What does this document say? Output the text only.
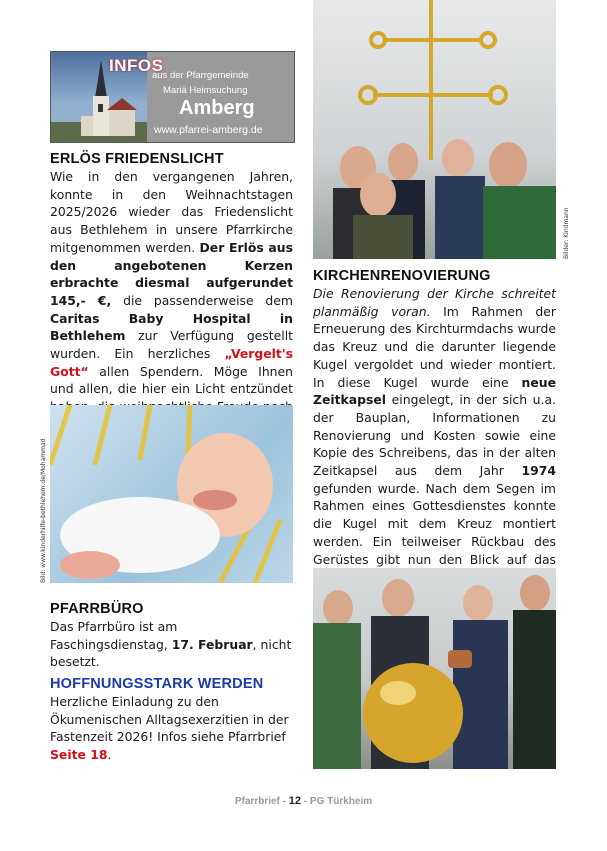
INFOS
aus der Pfarrgemeinde
Mariä Heimsuchung
Amberg
www.pfarrei-amberg.de
ERLÖS FRIEDENSLICHT

Wie in den vergangenen Jahren, konnte in den Weihnachtstagen 2025/2026 wieder das Friedenslicht aus Bethlehem in unsere Pfarrkirche mitgenommen werden. Der Erlös aus den angebotenen Kerzen erbrachte diesmal aufgerundet 145,- €, die passenderweise dem Caritas Baby Hospital in Bethlehem zur Verfügung gestellt wurden. Ein herzliches „Vergelt's Gott“ allen Spendern. Möge Ihnen und allen, die hier ein Licht entzündet

Bild: www.kinderhilfe-bethlehem.de/Mohammad
PFARRBÜRO

Das Pfarrbüro ist am Faschingsdienstag, 17. Februar, nicht besetzt.

HOFFNUNGSSTARK WERDEN

Herzliche Einladung zu den Ökumenischen Alltagsexerzitien in der Fastenzeit 2026! Infos siehe Pfarrbrief Seite 18.

Bilder: Kindmann
KIRCHENRENOVIERUNG

Die Renovierung der Kirche schreitet planmäßig voran. Im Rahmen der Erneuerung des Kirchturmdachs wurde das Kreuz und die darunter liegende Kugel vergoldet und wieder montiert. In diese Kugel wurde eine neue Zeitkapsel eingelegt, in der sich u.a. der Bauplan, Informationen zu Renovierung und Kosten sowie eine Kopie des Schreibens, das in der alten Zeitkapsel aus dem Jahr 1974 gefunden wurde. Nach dem Segen im Rahmen eines Gottesdienstes konnte die Kugel mit dem Kreuz montiert werden. Ein teilweiser Rückbau des Gerüstes gibt nun den Blick auf das

Pfarrbrief - 12 - PG Türkheim
